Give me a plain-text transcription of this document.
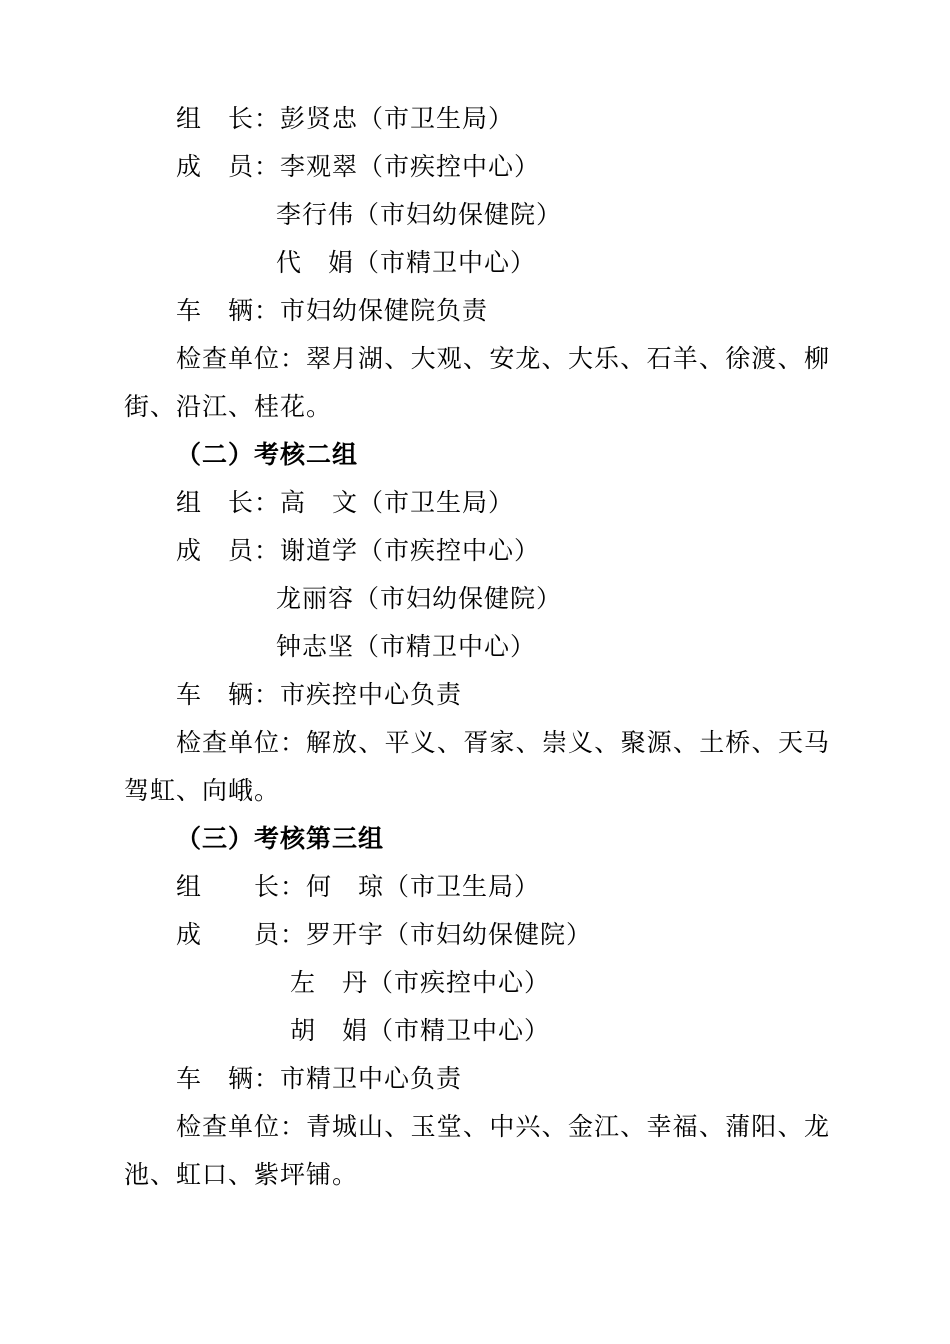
组　长：彭贤忠（市卫生局）
成　员：李观翠（市疾控中心）
李行伟（市妇幼保健院）
代　娟（市精卫中心）
车　辆：市妇幼保健院负责
检查单位：翠月湖 、 大观 、 安龙 、 大乐 、 石羊 、 徐渡 、 柳
街、沿江、桂花。
（二）考核二组
组　长：高　文（市卫生局）
成　员：谢道学（市疾控中心）
龙丽容（市妇幼保健院）
钟志坚（市精卫中心）
车　辆：市疾控中心负责
检查单位：解放 、 平义 、 胥家 、 崇义 、 聚源 、 土桥 、 天马
驾虹、向峨。
（三）考核第三组
组　　长：何　琼（市卫生局）
成　　员：罗开宇（市妇幼保健院）
左　丹（市疾控中心）
胡　娟（市精卫中心）
车　辆：市精卫中心负责
检查单位：青城山 、 玉堂 、 中兴 、 金江 、 幸福 、 蒲阳 、 龙
池、虹口、紫坪铺。
